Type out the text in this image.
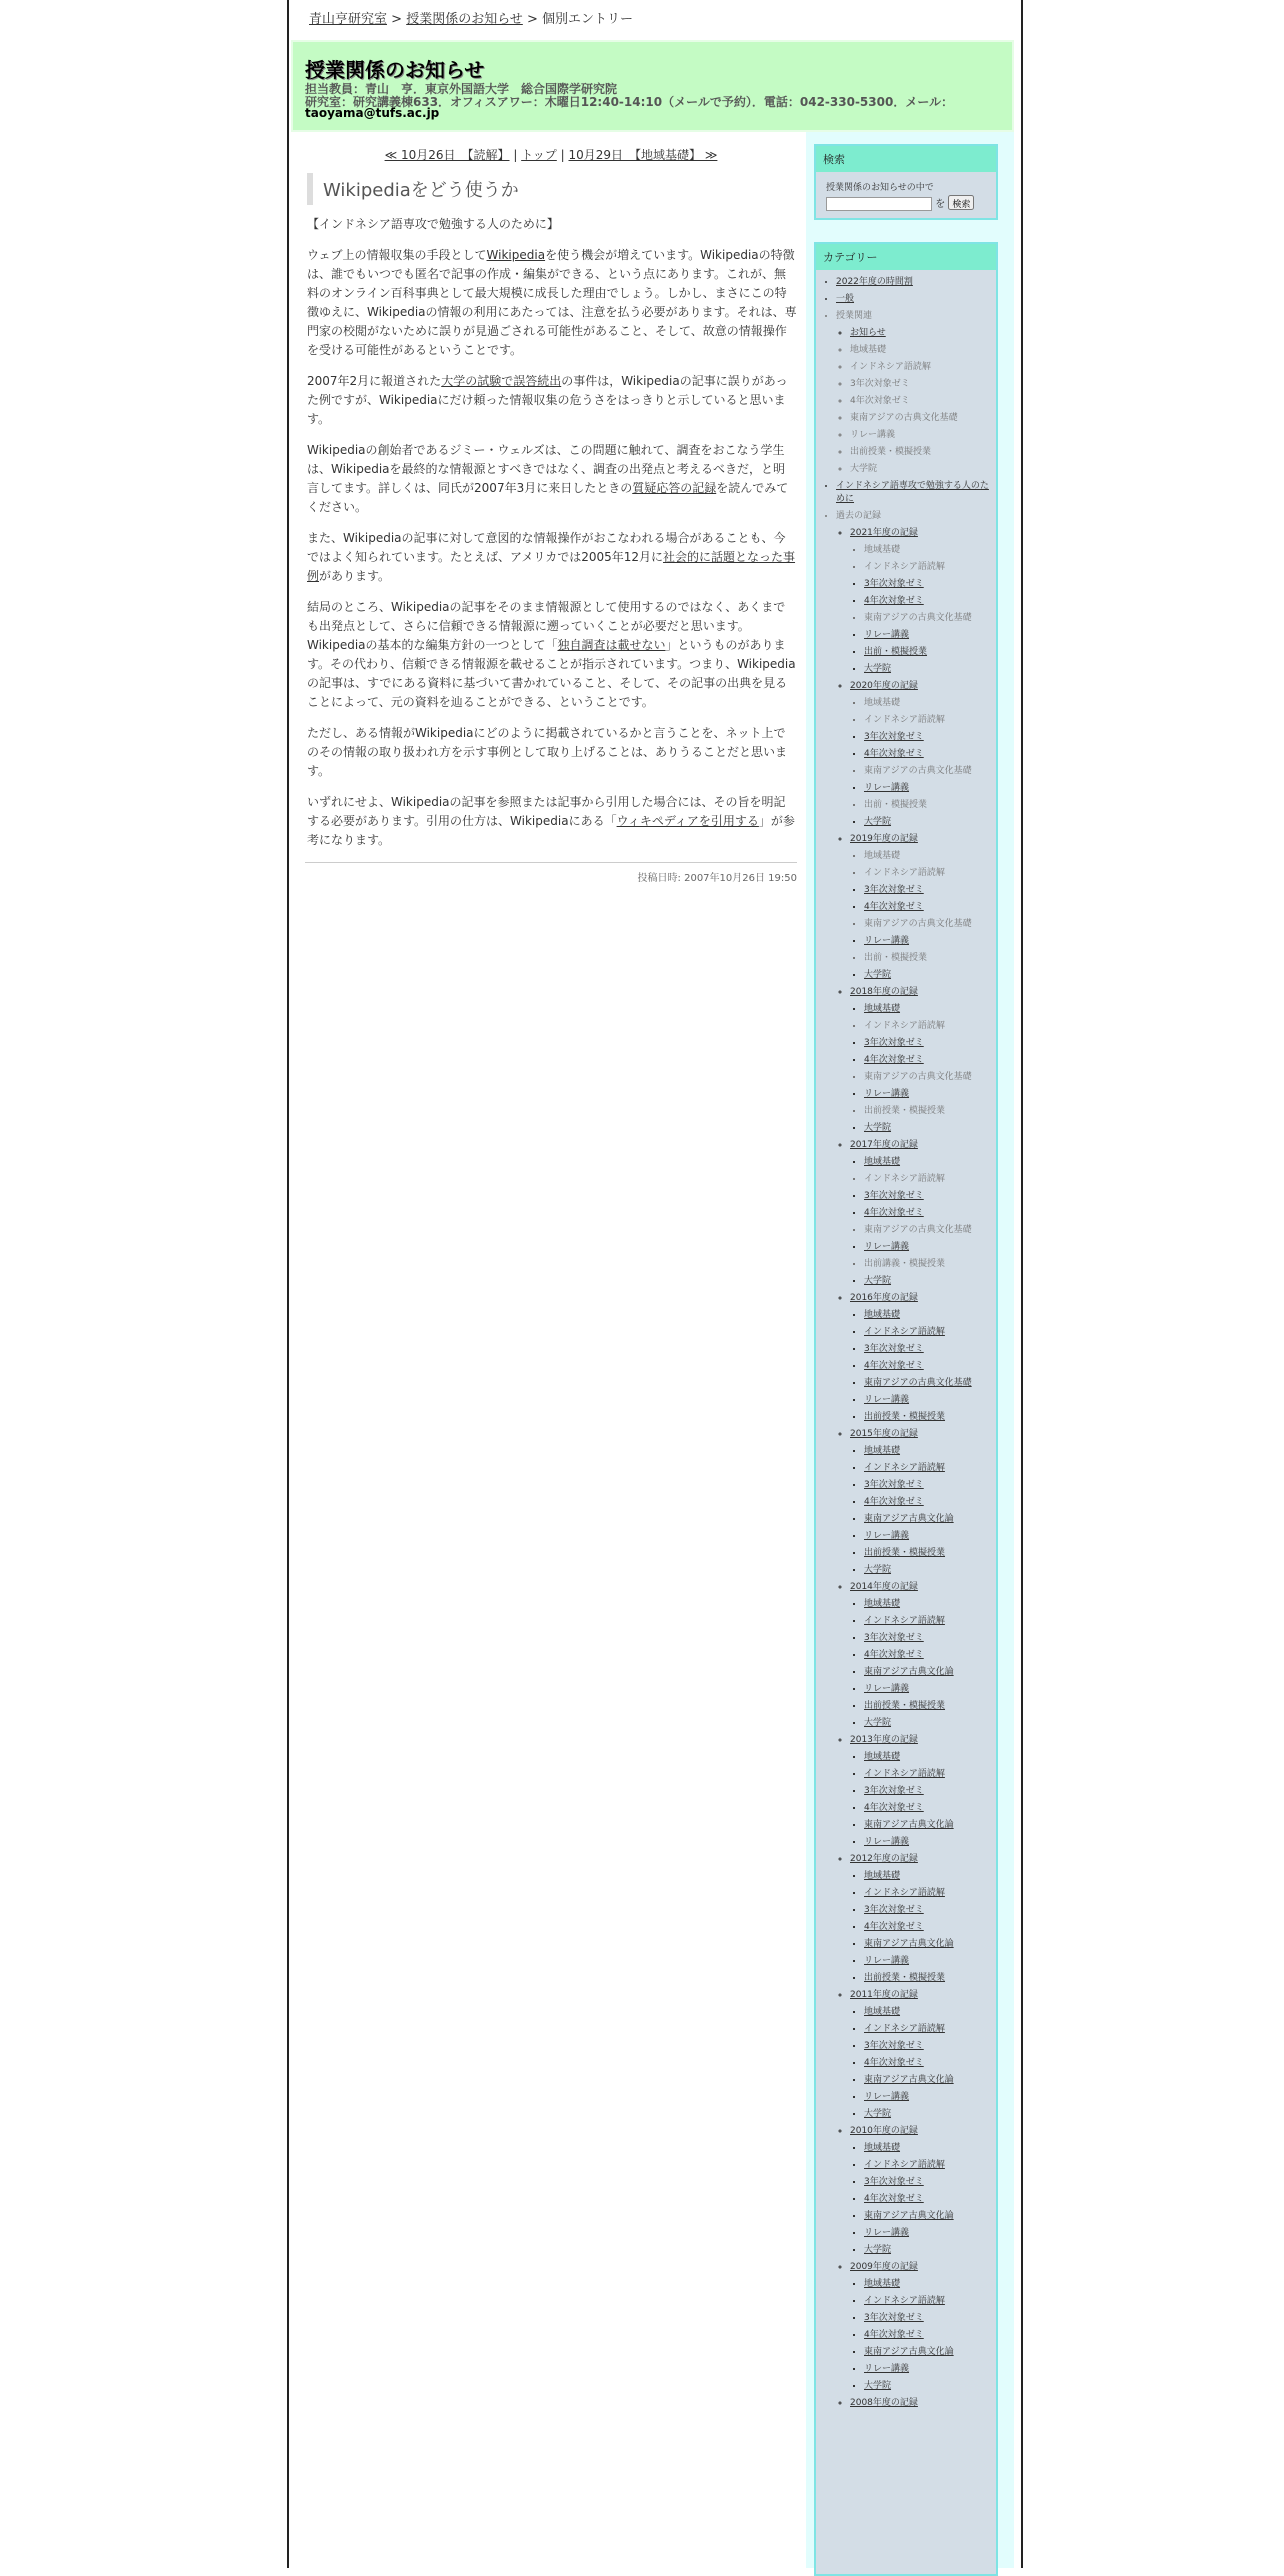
青山亨研究室 > 授業関係のお知らせ > 個別エントリー
授業関係のお知らせ
担当教員：青山　亨．東京外国語大学　総合国際学研究院
研究室：研究講義棟633．オフィスアワー：木曜日12:40-14:10（メールで予約）．電話：042-330-5300．メール：
taoyama@tufs.ac.jp
≪ 10月26日　【読解】 | トップ | 10月29日　【地域基礎】 ≫
Wikipediaをどう使うか

【インドネシア語専攻で勉強する人のために】

ウェブ上の情報収集の手段としてWikipediaを使う機会が増えています。Wikipediaの特徴は、誰でもいつでも匿名で記事の作成・編集ができる、という点にあります。これが、無料のオンライン百科事典として最大規模に成長した理由でしょう。しかし、まさにこの特徴ゆえに、Wikipediaの情報の利用にあたっては、注意を払う必要があります。それは、専門家の校閲がないために誤りが見過ごされる可能性があること、そして、故意の情報操作を受ける可能性があるということです。

2007年2月に報道された大学の試験で誤答続出の事件は，Wikipediaの記事に誤りがあった例ですが、Wikipediaにだけ頼った情報収集の危うさをはっきりと示していると思います。

Wikipediaの創始者であるジミー・ウェルズは、この問題に触れて、調査をおこなう学生は、Wikipediaを最終的な情報源とすべきではなく、調査の出発点と考えるべきだ，と明言してます。詳しくは、同氏が2007年3月に来日したときの質疑応答の記録を読んでみてください。

また、Wikipediaの記事に対して意図的な情報操作がおこなわれる場合があることも、今ではよく知られています。たとえば、アメリカでは2005年12月に社会的に話題となった事例があります。

結局のところ、Wikipediaの記事をそのまま情報源として使用するのではなく、あくまでも出発点として、さらに信頼できる情報源に遡っていくことが必要だと思います。Wikipediaの基本的な編集方針の一つとして「独自調査は載せない」というものがあります。その代わり、信頼できる情報源を載せることが指示されています。つまり、Wikipediaの記事は、すでにある資料に基づいて書かれていること、そして、その記事の出典を見ることによって、元の資料を辿ることができる、ということです。

ただし、ある情報がWikipediaにどのように掲載されているかと言うことを、ネット上でのその情報の取り扱われ方を示す事例として取り上げることは、ありうることだと思います。

いずれにせよ、Wikipediaの記事を参照または記事から引用した場合には、その旨を明記する必要があります。引用の仕方は、Wikipediaにある「ウィキペディアを引用する」が参考になります。

投稿日時: 2007年10月26日 19:50
検索
授業関係のお知らせの中で
を 検索
カテゴリー
• 2022年度の時間割
• 一般
• 授業関連
◦ お知らせ
◦ 地域基礎
◦ インドネシア語読解
◦ 3年次対象ゼミ
◦ 4年次対象ゼミ
◦ 東南アジアの古典文化基礎
◦ リレー講義
◦ 出前授業・模擬授業
◦ 大学院
• インドネシア語専攻で勉強する人のために
• 過去の記録
◦ 2021年度の記録
▪ 地域基礎
▪ インドネシア語読解
▪ 3年次対象ゼミ
▪ 4年次対象ゼミ
▪ 東南アジアの古典文化基礎
▪ リレー講義
▪ 出前・模擬授業
▪ 大学院
◦ 2020年度の記録
▪ 地域基礎
▪ インドネシア語読解
▪ 3年次対象ゼミ
▪ 4年次対象ゼミ
▪ 東南アジアの古典文化基礎
▪ リレー講義
▪ 出前・模擬授業
▪ 大学院
◦ 2019年度の記録
▪ 地域基礎
▪ インドネシア語読解
▪ 3年次対象ゼミ
▪ 4年次対象ゼミ
▪ 東南アジアの古典文化基礎
▪ リレー講義
▪ 出前・模擬授業
▪ 大学院
◦ 2018年度の記録
▪ 地域基礎
▪ インドネシア語読解
▪ 3年次対象ゼミ
▪ 4年次対象ゼミ
▪ 東南アジアの古典文化基礎
▪ リレー講義
▪ 出前授業・模擬授業
▪ 大学院
◦ 2017年度の記録
▪ 地域基礎
▪ インドネシア語読解
▪ 3年次対象ゼミ
▪ 4年次対象ゼミ
▪ 東南アジアの古典文化基礎
▪ リレー講義
▪ 出前講義・模擬授業
▪ 大学院
◦ 2016年度の記録
▪ 地域基礎
▪ インドネシア語読解
▪ 3年次対象ゼミ
▪ 4年次対象ゼミ
▪ 東南アジアの古典文化基礎
▪ リレー講義
▪ 出前授業・模擬授業
◦ 2015年度の記録
▪ 地域基礎
▪ インドネシア語読解
▪ 3年次対象ゼミ
▪ 4年次対象ゼミ
▪ 東南アジア古典文化論
▪ リレー講義
▪ 出前授業・模擬授業
▪ 大学院
◦ 2014年度の記録
▪ 地域基礎
▪ インドネシア語読解
▪ 3年次対象ゼミ
▪ 4年次対象ゼミ
▪ 東南アジア古典文化論
▪ リレー講義
▪ 出前授業・模擬授業
▪ 大学院
◦ 2013年度の記録
▪ 地域基礎
▪ インドネシア語読解
▪ 3年次対象ゼミ
▪ 4年次対象ゼミ
▪ 東南アジア古典文化論
▪ リレー講義
◦ 2012年度の記録
▪ 地域基礎
▪ インドネシア語読解
▪ 3年次対象ゼミ
▪ 4年次対象ゼミ
▪ 東南アジア古典文化論
▪ リレー講義
▪ 出前授業・模擬授業
◦ 2011年度の記録
▪ 地域基礎
▪ インドネシア語読解
▪ 3年次対象ゼミ
▪ 4年次対象ゼミ
▪ 東南アジア古典文化論
▪ リレー講義
▪ 大学院
◦ 2010年度の記録
▪ 地域基礎
▪ インドネシア語読解
▪ 3年次対象ゼミ
▪ 4年次対象ゼミ
▪ 東南アジア古典文化論
▪ リレー講義
▪ 大学院
◦ 2009年度の記録
▪ 地域基礎
▪ インドネシア語読解
▪ 3年次対象ゼミ
▪ 4年次対象ゼミ
▪ 東南アジア古典文化論
▪ リレー講義
▪ 大学院
◦ 2008年度の記録
